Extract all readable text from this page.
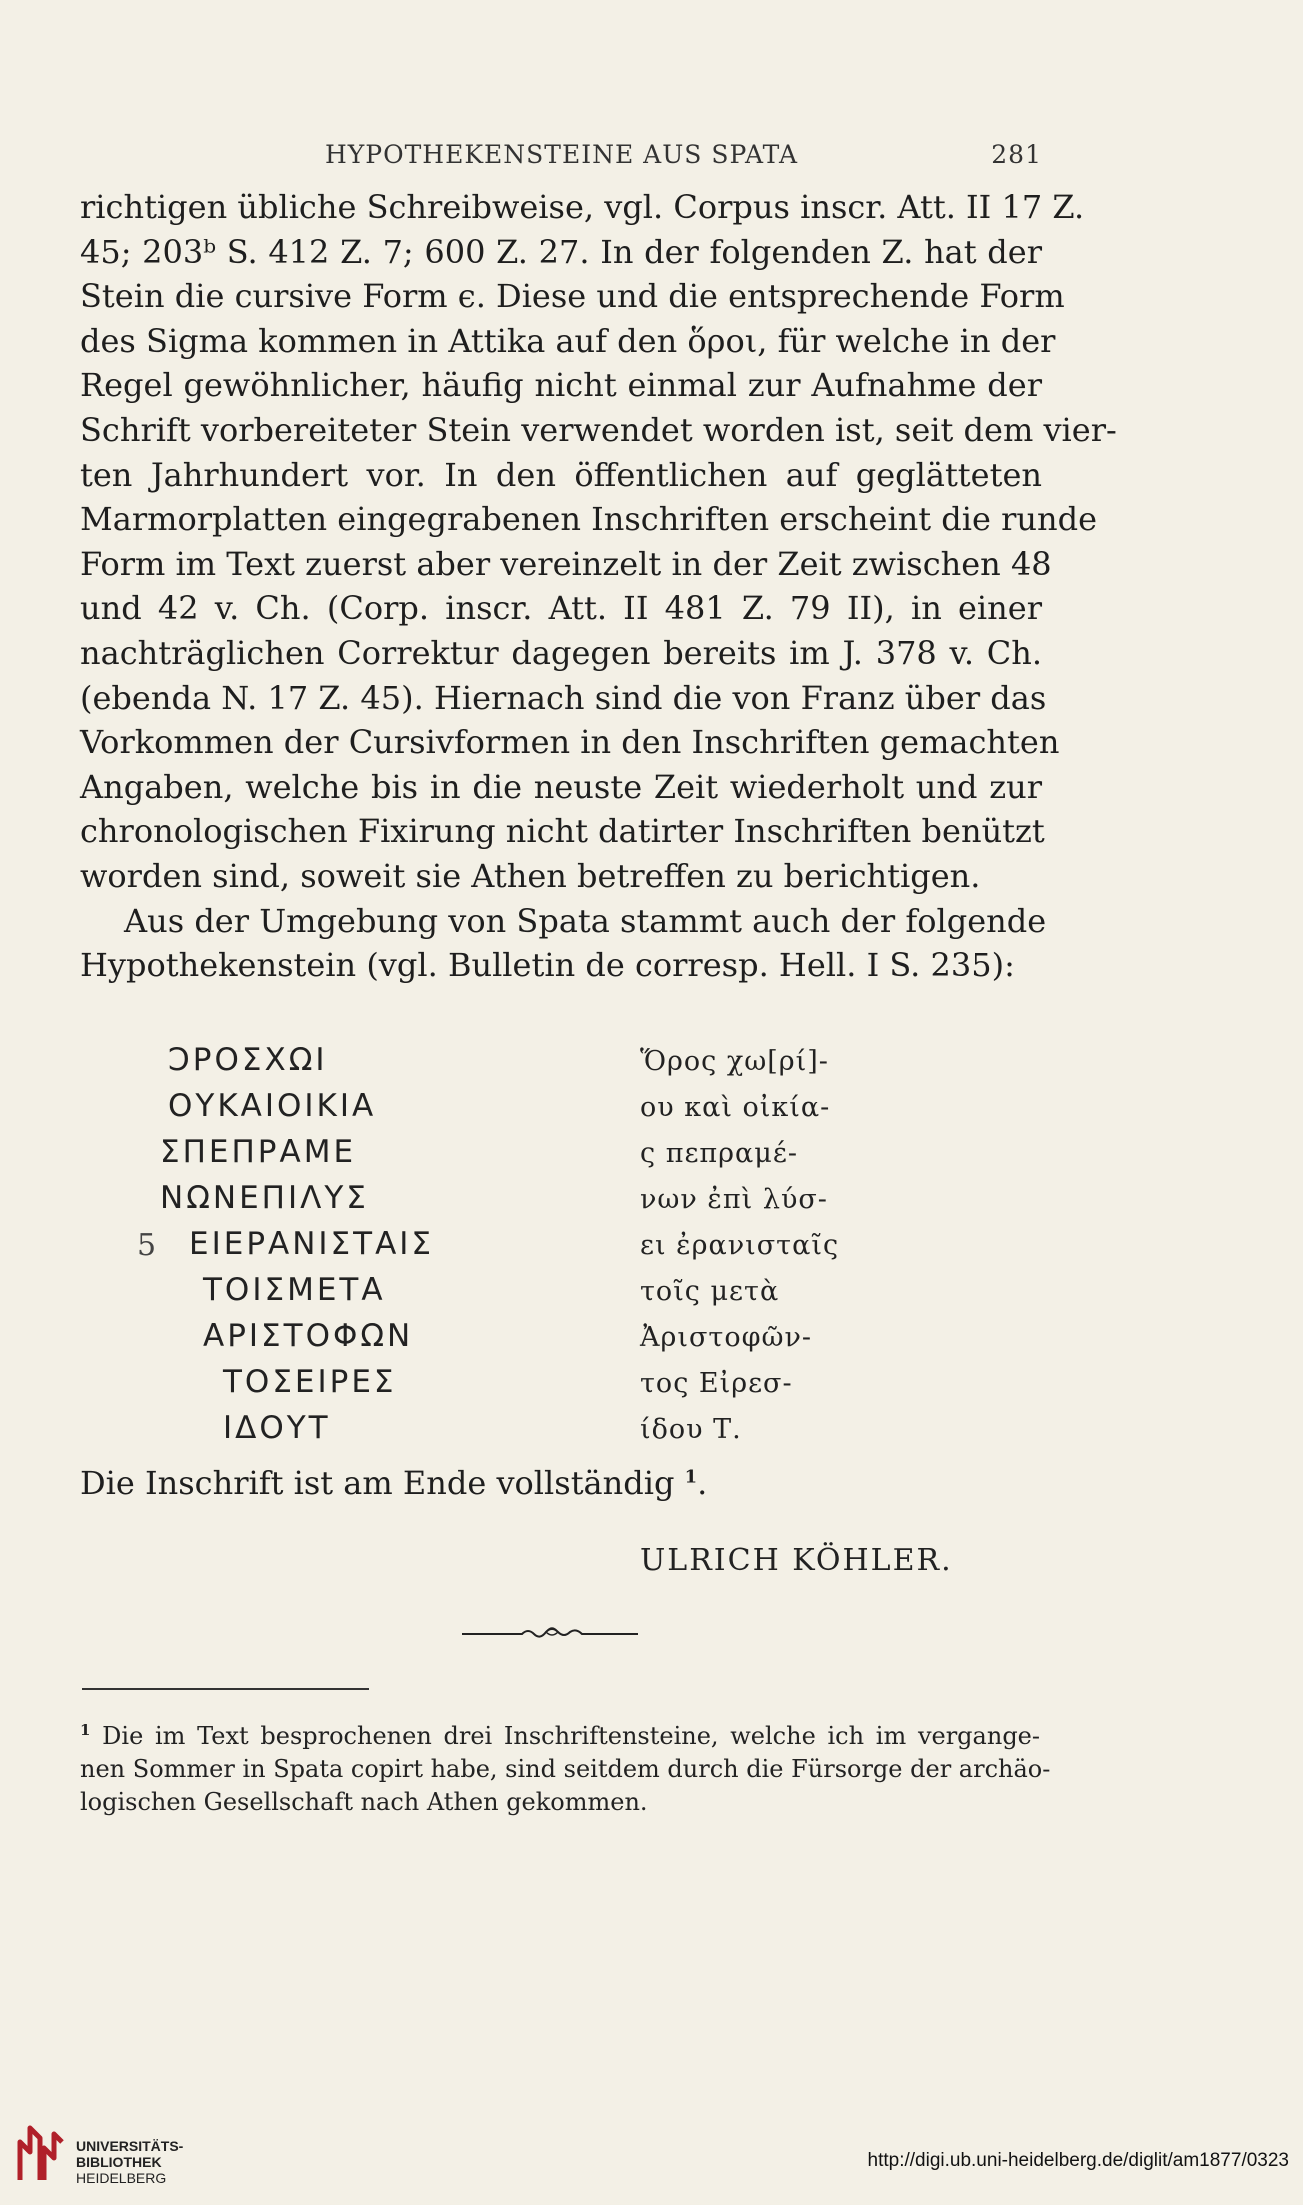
HYPOTHEKENSTEINE AUS SPATA	281
richtigen übliche Schreibweise, vgl. Corpus inscr. Att. II 17 Z.
45; 203ᵇ S. 412 Z. 7; 600 Z. 27. In der folgenden Z. hat der
Stein die cursive Form ϵ. Diese und die entsprechende Form
des Sigma kommen in Attika auf den ὅροι, für welche in der
Regel gewöhnlicher, häufig nicht einmal zur Aufnahme der
Schrift vorbereiteter Stein verwendet worden ist, seit dem vier-
ten Jahrhundert vor. In den öffentlichen auf geglätteten
Marmorplatten eingegrabenen Inschriften erscheint die runde
Form im Text zuerst aber vereinzelt in der Zeit zwischen 48
und 42 v. Ch. (Corp. inscr. Att. II 481 Z. 79 II), in einer
nachträglichen Correktur dagegen bereits im J. 378 v. Ch.
(ebenda N. 17 Z. 45). Hiernach sind die von Franz über das
Vorkommen der Cursivformen in den Inschriften gemachten
Angaben, welche bis in die neuste Zeit wiederholt und zur
chronologischen Fixirung nicht datirter Inschriften benützt
worden sind, soweit sie Athen betreffen zu berichtigen.
Aus der Umgebung von Spata stammt auch der folgende
Hypothekenstein (vgl. Bulletin de corresp. Hell. I S. 235):
ϽΡΟΣΧΩΙ	Ὅρος χω[ρί]-
ΟΥΚΑΙΟΙΚΙΑ	ου καὶ οἰκία-
ΣΠΕΠΡΑΜΕ	ς πεπραμέ-
ΝΩΝΕΠΙΛΥΣ	νων ἐπὶ λύσ-
5 ΕΙΕΡΑΝΙΣΤΑΙΣ	ει ἐρανισταῖς
ΤΟΙΣΜΕΤΑ	τοῖς μετὰ
ΑΡΙΣΤΟΦΩΝ	Ἀριστοφῶν-
ΤΟΣΕΙΡΕΣ	τος Εἰρεσ-
ΙΔΟΥΤ	ίδου Τ.
Die Inschrift ist am Ende vollständig $^1$.
ULRICH KÖHLER.
$^1$ Die im Text besprochenen drei Inschriftensteine, welche ich im vergange-
nen Sommer in Spata copirt habe, sind seitdem durch die Fürsorge der archäo-
logischen Gesellschaft nach Athen gekommen.
UNIVERSITÄTS-
BIBLIOTHEK
HEIDELBERG
http://digi.ub.uni-heidelberg.de/diglit/am1877/0323
